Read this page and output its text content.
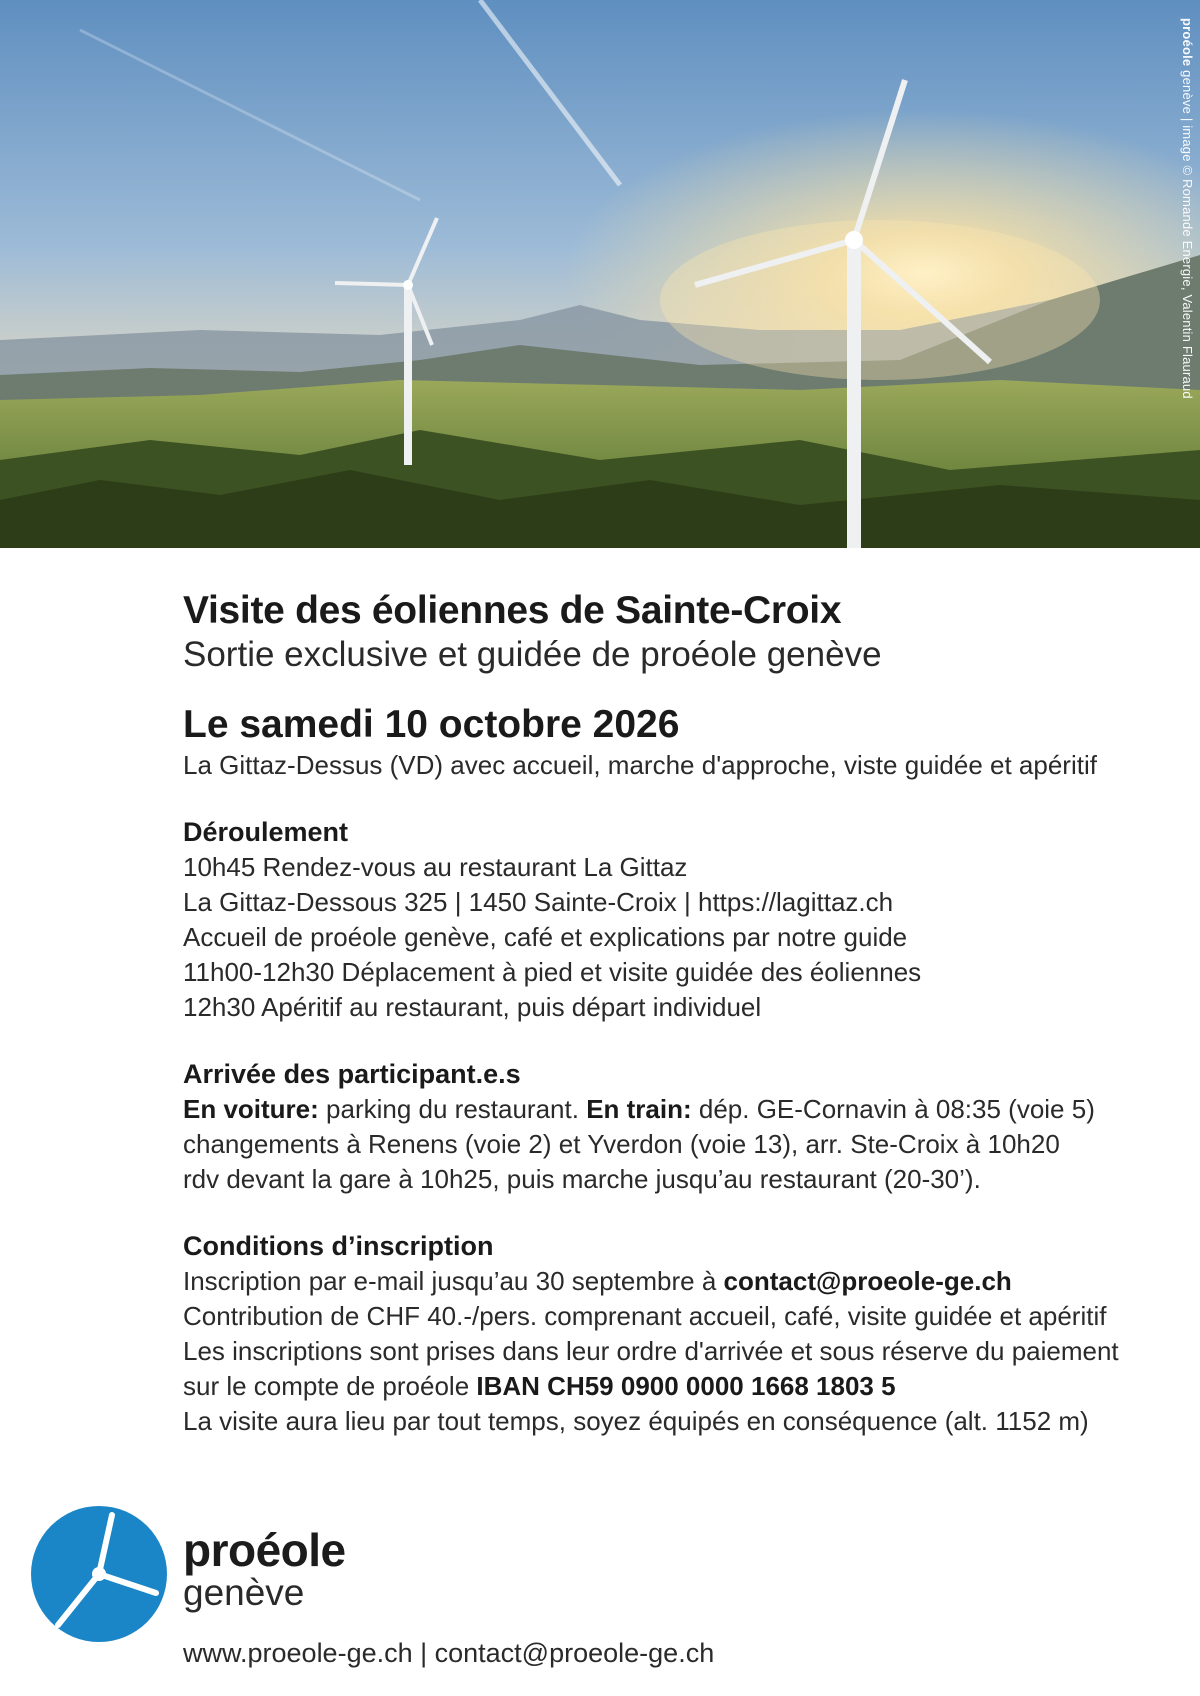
proéole genève | image © Romande Energie, Valentin Flauraud

Visite des éoliennes de Sainte-Croix

Sortie exclusive et guidée de proéole genève

Le samedi 10 octobre 2026

La Gittaz-Dessus (VD) avec accueil, marche d'approche, viste guidée et apéritif

Déroulement

10h45 Rendez-vous au restaurant La Gittaz

La Gittaz-Dessous 325 | 1450 Sainte-Croix | https://lagittaz.ch

Accueil de proéole genève, café et explications par notre guide

11h00-12h30 Déplacement à pied et visite guidée des éoliennes

12h30 Apéritif au restaurant, puis départ individuel

Arrivée des participant.e.s

En voiture: parking du restaurant. En train: dép. GE-Cornavin à 08:35 (voie 5)

changements à Renens (voie 2) et Yverdon (voie 13), arr. Ste-Croix à 10h20

rdv devant la gare à 10h25, puis marche jusqu’au restaurant (20-30’).

Conditions d’inscription

Inscription par e-mail jusqu’au 30 septembre à contact@proeole-ge.ch

Contribution de CHF 40.-/pers. comprenant accueil, café, visite guidée et apéritif

Les inscriptions sont prises dans leur ordre d'arrivée et sous réserve du paiement

sur le compte de proéole IBAN CH59 0900 0000 1668 1803 5

La visite aura lieu par tout temps, soyez équipés en conséquence (alt. 1152 m)

proéole
genève
www.proeole-ge.ch | contact@proeole-ge.ch
